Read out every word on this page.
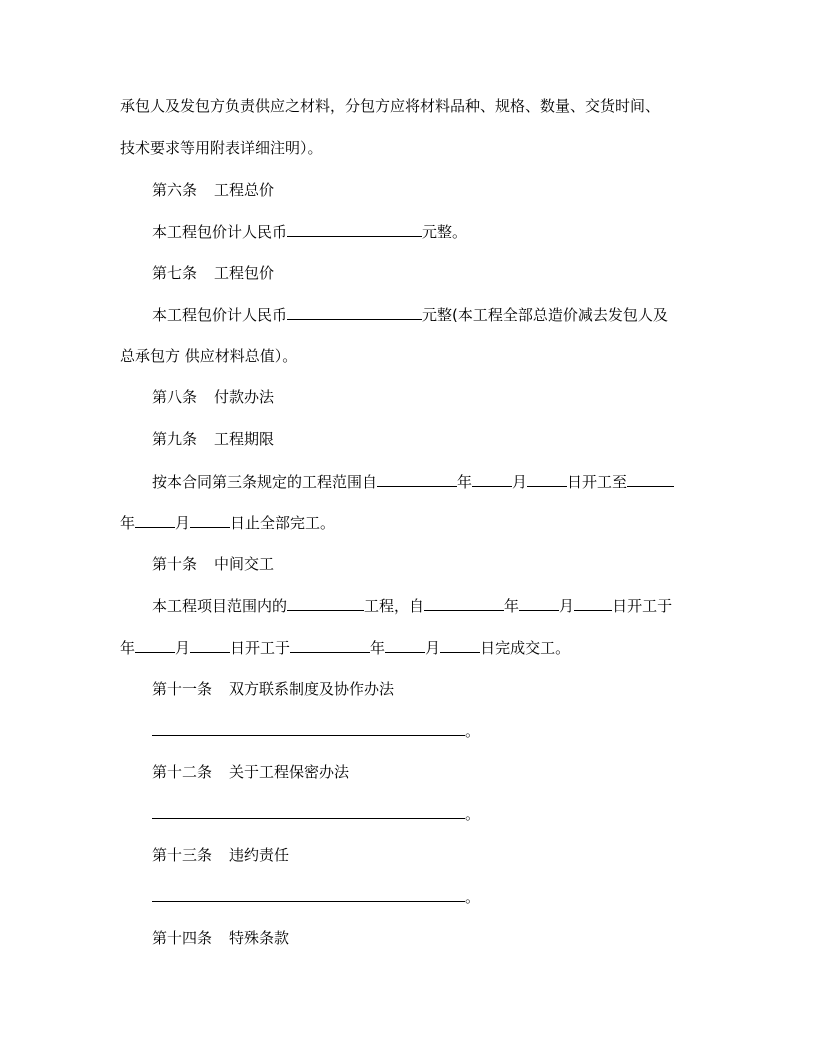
承包人及发包方负责供应之材料，分包方应将材料品种、规格、数量、交货时间、
技术要求等用附表详细注明）。
第六条 工程总价
本工程包价计人民币	元整。
第七条 工程包价
本工程包价计人民币	元整(本工程全部总造价减去发包人及
总承包方 供应材料总值）。
第八条 付款办法
第九条 工程期限
按本合同第三条规定的工程范围自	年	月	日开工至
年	月	日止全部完工。
第十条 中间交工
本工程项目范围内的	工程，自	年	月	日开工于
年	月	日开工于	年	月	日完成交工。
第十一条 双方联系制度及协作办法
。
第十二条 关于工程保密办法
。
第十三条 违约责任
。
第十四条 特殊条款
